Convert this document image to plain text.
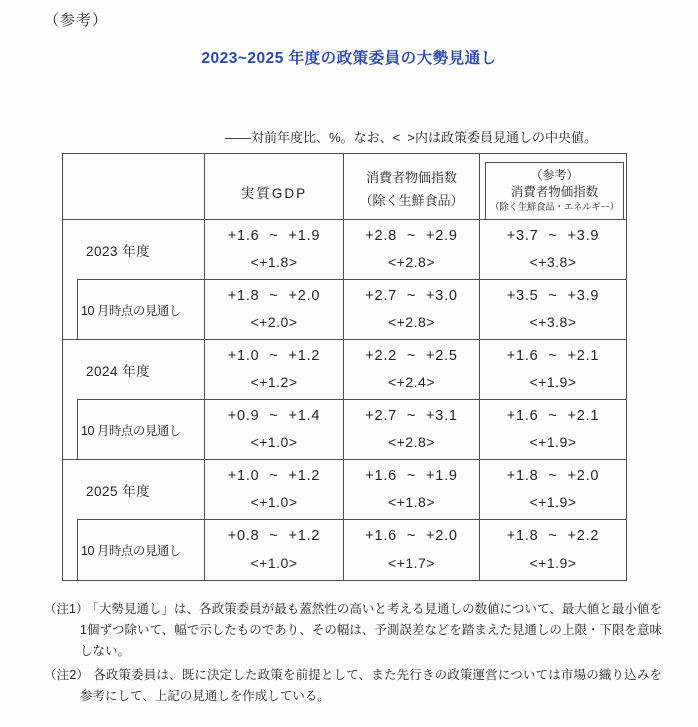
（参考）
2023~2025 年度の政策委員の大勢見通し
――対前年度比、%。なお、<  >内は政策委員見通しの中央値。
実質GDP
消費者物価指数
（除く生鮮食品）
（参考）
消費者物価指数
（除く生鮮食品・エネルギー）
2023 年度
+1.6 ~ +1.9
<+1.8>
+2.8 ~ +2.9
<+2.8>
+3.7 ~ +3.9
<+3.8>
10 月時点の見通し
+1.8 ~ +2.0
<+2.0>
+2.7 ~ +3.0
<+2.8>
+3.5 ~ +3.9
<+3.8>
2024 年度
+1.0 ~ +1.2
<+1.2>
+2.2 ~ +2.5
<+2.4>
+1.6 ~ +2.1
<+1.9>
10 月時点の見通し
+0.9 ~ +1.4
<+1.0>
+2.7 ~ +3.1
<+2.8>
+1.6 ~ +2.1
<+1.9>
2025 年度
+1.0 ~ +1.2
<+1.0>
+1.6 ~ +1.9
<+1.8>
+1.8 ~ +2.0
<+1.9>
10 月時点の見通し
+0.8 ~ +1.2
<+1.0>
+1.6 ~ +2.0
<+1.7>
+1.8 ~ +2.2
<+1.9>
（注1） 「大勢見通し」は、各政策委員が最も蓋然性の高いと考える見通しの数値について、最大値と最小値を1個ずつ除いて、幅で示したものであり、その幅は、予測誤差などを踏まえた見通しの上限・下限を意味しない。
（注2） 各政策委員は、既に決定した政策を前提として、また先行きの政策運営については市場の織り込みを参考にして、上記の見通しを作成している。
